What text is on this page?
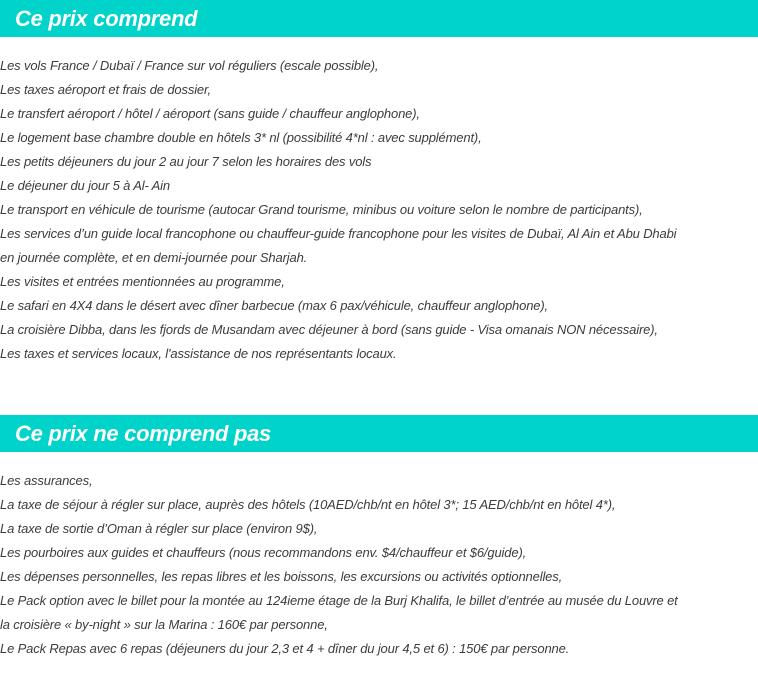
Ce prix comprend
Les vols France / Dubaï / France sur vol réguliers (escale possible),
Les taxes aéroport et frais de dossier,
Le transfert aéroport / hôtel / aéroport (sans guide / chauffeur anglophone),
Le logement base chambre double en hôtels 3* nl (possibilité 4*nl : avec supplément),
Les petits déjeuners du jour 2 au jour 7 selon les horaires des vols
Le déjeuner du jour 5 à Al- Ain
Le transport en véhicule de tourisme (autocar Grand tourisme, minibus ou voiture selon le nombre de participants),
Les services d’un guide local francophone ou chauffeur-guide francophone pour les visites de Dubaï, Al Ain et Abu Dhabi
en journée complète, et en demi-journée pour Sharjah.
Les visites et entrées mentionnées au programme,
Le safari en 4X4 dans le désert avec dîner barbecue (max 6 pax/véhicule, chauffeur anglophone),
La croisière Dibba, dans les fjords de Musandam avec déjeuner à bord (sans guide - Visa omanais NON nécessaire),
Les taxes et services locaux, l'assistance de nos représentants locaux.
Ce prix ne comprend pas
Les assurances,
La taxe de séjour à régler sur place, auprès des hôtels (10AED/chb/nt en hôtel 3*; 15 AED/chb/nt en hôtel 4*),
La taxe de sortie d’Oman à régler sur place (environ 9$),
Les pourboires aux guides et chauffeurs (nous recommandons env. $4/chauffeur et $6/guide),
Les dépenses personnelles, les repas libres et les boissons, les excursions ou activités optionnelles,
Le Pack option avec le billet pour la montée au 124ieme étage de la Burj Khalifa, le billet d’entrée au musée du Louvre et
la croisière « by-night » sur la Marina : 160€ par personne,
Le Pack Repas avec 6 repas (déjeuners du jour 2,3 et 4 + dîner du jour 4,5 et 6) : 150€ par personne.
